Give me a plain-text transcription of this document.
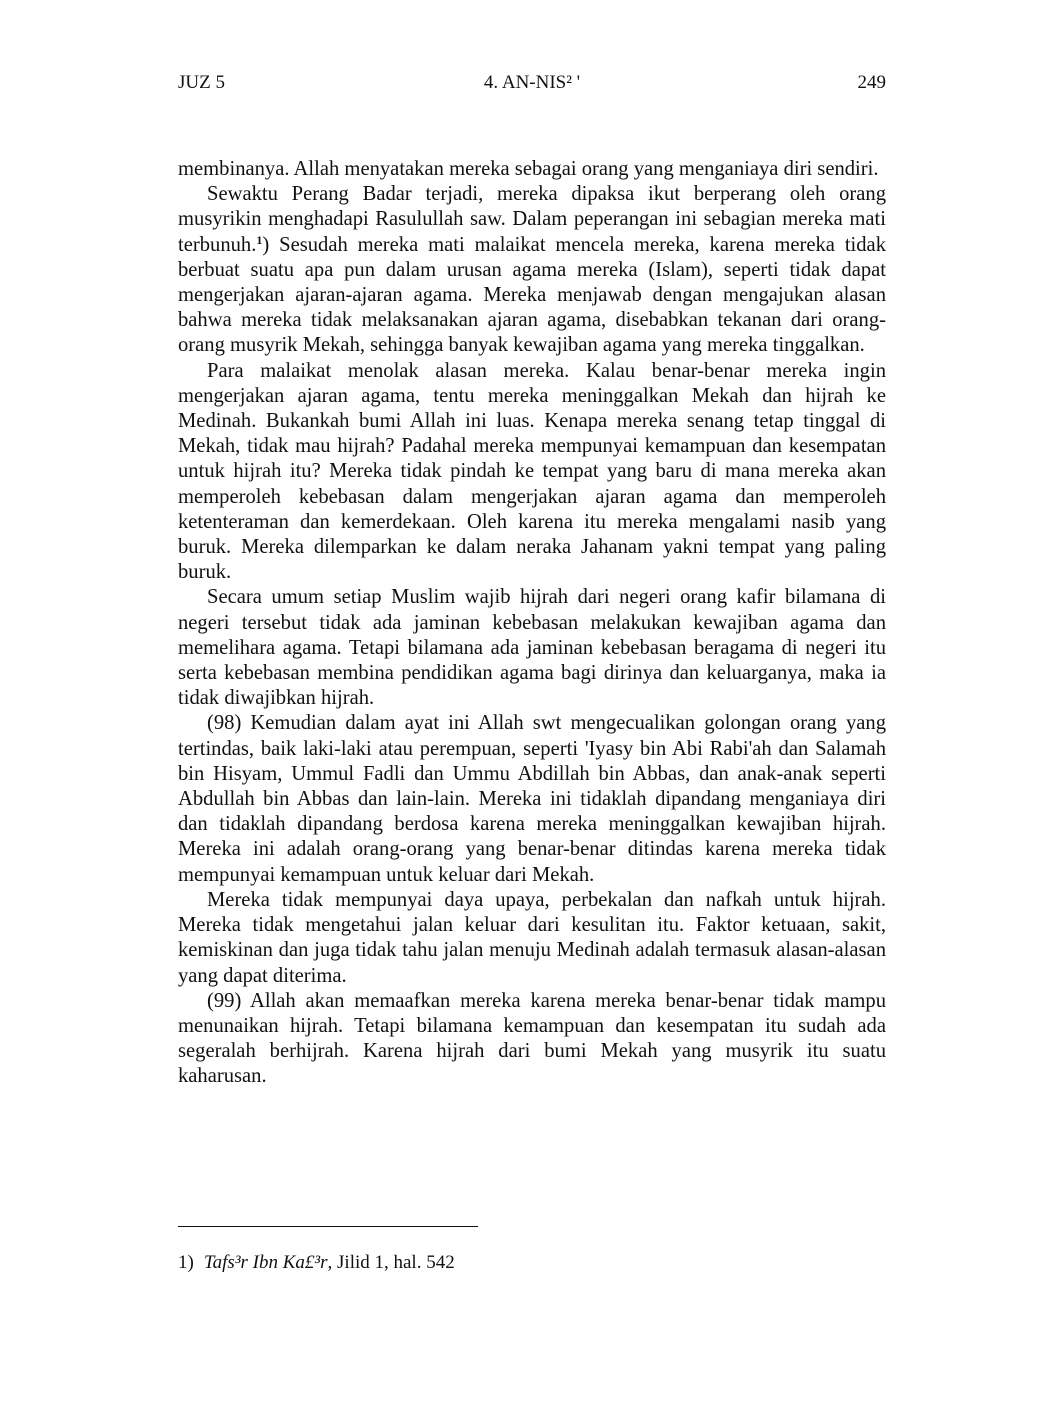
JUZ 5	4. AN-NIS² '	249

membinanya. Allah menyatakan mereka sebagai orang yang menganiaya diri sendiri.

Sewaktu Perang Badar terjadi, mereka dipaksa ikut berperang oleh orang musyrikin menghadapi Rasulullah saw. Dalam peperangan ini sebagian mereka mati terbunuh.$^1$) Sesudah mereka mati malaikat mencela mereka, karena mereka tidak berbuat suatu apa pun dalam urusan agama mereka (Islam), seperti tidak dapat mengerjakan ajaran-ajaran agama. Mereka menjawab dengan mengajukan alasan bahwa mereka tidak melaksanakan ajaran agama, disebabkan tekanan dari orang-orang musyrik Mekah, sehingga banyak kewajiban agama yang mereka tinggalkan.

Para malaikat menolak alasan mereka. Kalau benar-benar mereka ingin mengerjakan ajaran agama, tentu mereka meninggalkan Mekah dan hijrah ke Medinah. Bukankah bumi Allah ini luas. Kenapa mereka senang tetap tinggal di Mekah, tidak mau hijrah? Padahal mereka mempunyai kemampuan dan kesempatan untuk hijrah itu? Mereka tidak pindah ke tempat yang baru di mana mereka akan memperoleh kebebasan dalam mengerjakan ajaran agama dan memperoleh ketenteraman dan kemerdekaan. Oleh karena itu mereka mengalami nasib yang buruk. Mereka dilemparkan ke dalam neraka Jahanam yakni tempat yang paling buruk.

Secara umum setiap Muslim wajib hijrah dari negeri orang kafir bilamana di negeri tersebut tidak ada jaminan kebebasan melakukan kewajiban agama dan memelihara agama. Tetapi bilamana ada jaminan kebebasan beragama di negeri itu serta kebebasan membina pendidikan agama bagi dirinya dan keluarganya, maka ia tidak diwajibkan hijrah.

(98) Kemudian dalam ayat ini Allah swt mengecualikan golongan orang yang tertindas, baik laki-laki atau perempuan, seperti 'Iyasy bin Abi Rabi'ah dan Salamah bin Hisyam, Ummul Fadli dan Ummu Abdillah bin Abbas, dan anak-anak seperti Abdullah bin Abbas dan lain-lain. Mereka ini tidaklah dipandang menganiaya diri dan tidaklah dipandang berdosa karena mereka meninggalkan kewajiban hijrah. Mereka ini adalah orang-orang yang benar-benar ditindas karena mereka tidak mempunyai kemampuan untuk keluar dari Mekah.

Mereka tidak mempunyai daya upaya, perbekalan dan nafkah untuk hijrah. Mereka tidak mengetahui jalan keluar dari kesulitan itu. Faktor ketuaan, sakit, kemiskinan dan juga tidak tahu jalan menuju Medinah adalah termasuk alasan-alasan yang dapat diterima.

(99) Allah akan memaafkan mereka karena mereka benar-benar tidak mampu menunaikan hijrah. Tetapi bilamana kemampuan dan kesempatan itu sudah ada segeralah berhijrah. Karena hijrah dari bumi Mekah yang musyrik itu suatu kaharusan.

1) Tafs³r Ibn Ka£³r, Jilid 1, hal. 542
